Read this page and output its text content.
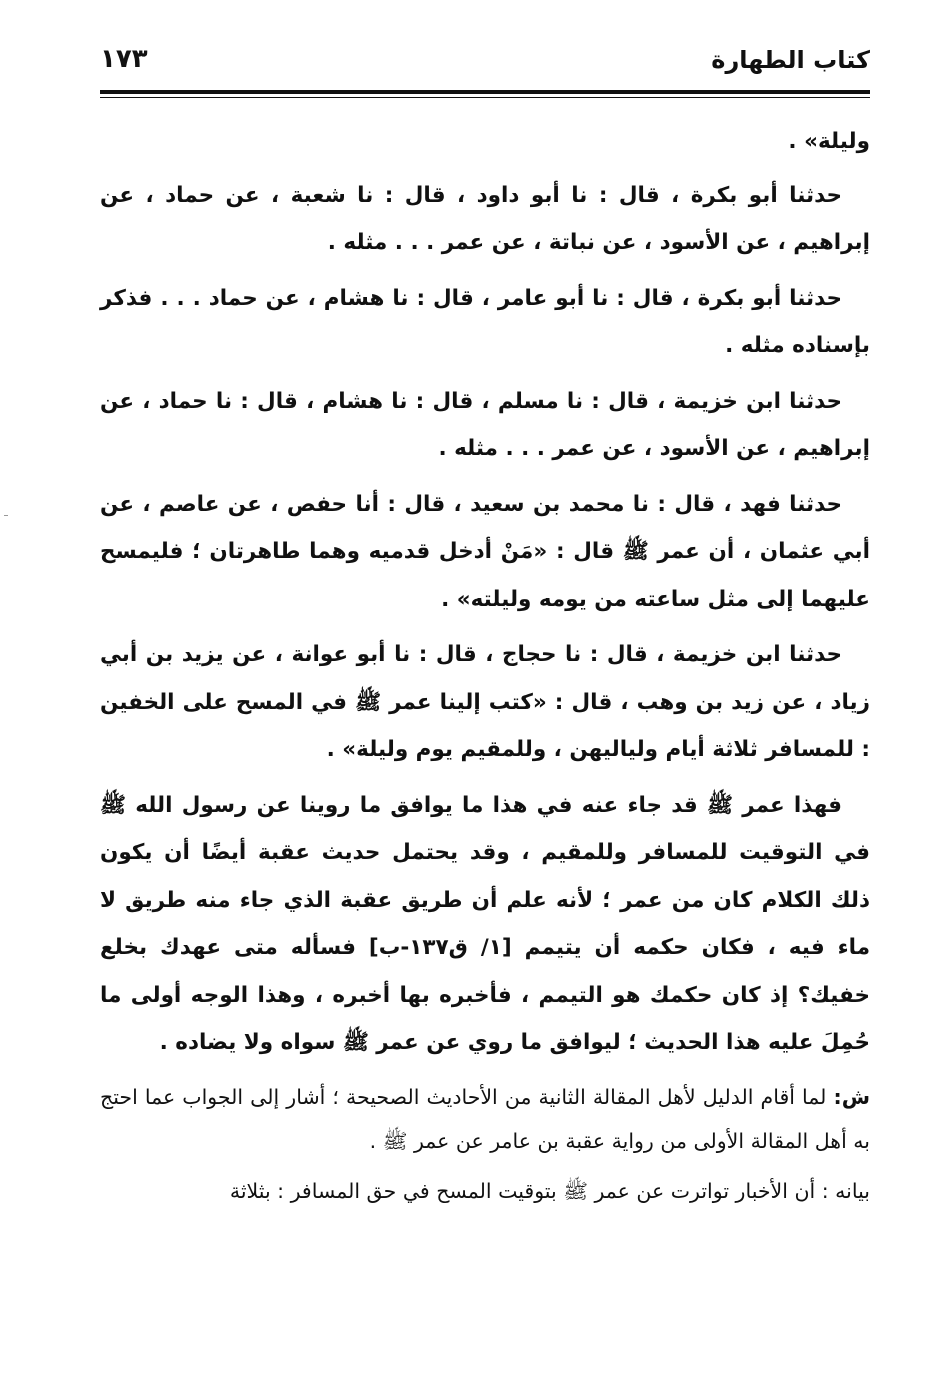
كتاب الطهارة
١٧٣

وليلة» .

حدثنا أبو بكرة ، قال : نا أبو داود ، قال : نا شعبة ، عن حماد ، عن إبراهيم ، عن الأسود ، عن نباتة ، عن عمر . . . مثله .

حدثنا أبو بكرة ، قال : نا أبو عامر ، قال : نا هشام ، عن حماد . . . فذكر بإسناده مثله .

حدثنا ابن خزيمة ، قال : نا مسلم ، قال : نا هشام ، قال : نا حماد ، عن إبراهيم ، عن الأسود ، عن عمر . . . مثله .

حدثنا فهد ، قال : نا محمد بن سعيد ، قال : أنا حفص ، عن عاصم ، عن أبي عثمان ، أن عمر ﷺ قال : «مَنْ أدخل قدميه وهما طاهرتان ؛ فليمسح عليهما إلى مثل ساعته من يومه وليلته» .

حدثنا ابن خزيمة ، قال : نا حجاج ، قال : نا أبو عوانة ، عن يزيد بن أبي زياد ، عن زيد بن وهب ، قال : «كتب إلينا عمر ﷺ في المسح على الخفين : للمسافر ثلاثة أيام ولياليهن ، وللمقيم يوم وليلة» .

فهذا عمر ﷺ قد جاء عنه في هذا ما يوافق ما روينا عن رسول الله ﷺ في التوقيت للمسافر وللمقيم ، وقد يحتمل حديث عقبة أيضًا أن يكون ذلك الكلام كان من عمر ؛ لأنه علم أن طريق عقبة الذي جاء منه طريق لا ماء فيه ، فكان حكمه أن يتيمم [١/ ق١٣٧-ب] فسأله متى عهدك بخلع خفيك؟ إذ كان حكمك هو التيمم ، فأخبره بها أخبره ، وهذا الوجه أولى ما حُمِلَ عليه هذا الحديث ؛ ليوافق ما روي عن عمر ﷺ سواه ولا يضاده .

ش: لما أقام الدليل لأهل المقالة الثانية من الأحاديث الصحيحة ؛ أشار إلى الجواب عما احتج به أهل المقالة الأولى من رواية عقبة بن عامر عن عمر ﷺ .

بيانه : أن الأخبار تواترت عن عمر ﷺ بتوقيت المسح في حق المسافر : بثلاثة
